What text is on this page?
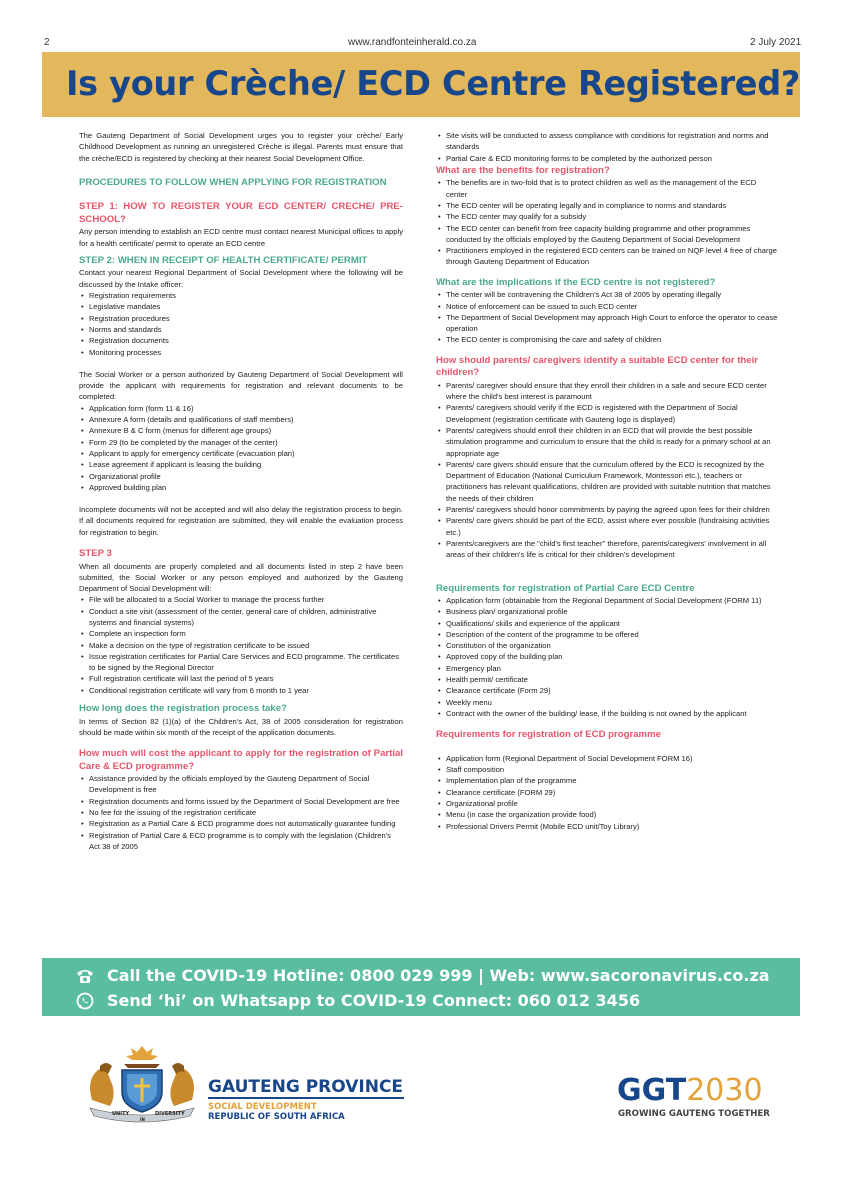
2	www.randfonteinherald.co.za	2 July 2021
Is your Crèche/ ECD Centre Registered?
The Gauteng Department of Social Development urges you to register your crèche/ Early Childhood Development as running an unregistered Crèche is illegal. Parents must ensure that the crèche/ECD is registered by checking at their nearest Social Development Office.
PROCEDURES TO FOLLOW WHEN APPLYING FOR REGISTRATION
STEP 1: HOW TO REGISTER YOUR ECD CENTER/ CRECHE/ PRE-SCHOOL?
Any person intending to establish an ECD centre must contact nearest Municipal offices to apply for a health certificate/ permit to operate an ECD centre
STEP 2: WHEN IN RECEIPT OF HEALTH CERTIFICATE/ PERMIT
Contact your nearest Regional Department of Social Development where the following will be discussed by the Intake officer:
• Registration requirements
• Legislative mandates
• Registration procedures
• Norms and standards
• Registration documents
• Monitoring processes
The Social Worker or a person authorized by Gauteng Department of Social Development will provide the applicant with requirements for registration and relevant documents to be completed:
• Application form (form 11 & 16)
• Annexure A form (details and qualifications of staff members)
• Annexure B & C form (menus for different age groups)
• Form 29 (to be completed by the manager of the center)
• Applicant to apply for emergency certificate (evacuation plan)
• Lease agreement if applicant is leasing the building
• Organizational profile
• Approved building plan
Incomplete documents will not be accepted and will also delay the registration process to begin. If all documents required for registration are submitted, they will enable the evaluation process for registration to begin.
STEP 3
When all documents are properly completed and all documents listed in step 2 have been submitted, the Social Worker or any person employed and authorized by the Gauteng Department of Social Development will:
• File will be allocated to a Social Worker to manage the process further
• Conduct a site visit (assessment of the center, general care of children, administrative systems and financial systems)
• Complete an inspection form
• Make a decision on the type of registration certificate to be issued
• Issue registration certificates for Partial Care Services and ECD programme. The certificates to be signed by the Regional Director
• Full registration certificate will last the period of 5 years
• Conditional registration certificate will vary from 6 month to 1 year
How long does the registration process take?
In terms of Section 82 (1)(a) of the Children's Act, 38 of 2005 consideration for registration should be made within six month of the receipt of the application documents.
How much will cost the applicant to apply for the registration of Partial Care & ECD programme?
• Assistance provided by the officials employed by the Gauteng Department of Social Development is free
• Registration documents and forms issued by the Department of Social Development are free
• No fee for the issuing of the registration certificate
• Registration as a Partial Care & ECD programme does not automatically guarantee funding
• Registration of Partial Care & ECD programme is to comply with the legislation (Children's Act 38 of 2005
• Site visits will be conducted to assess compliance with conditions for registration and norms and standards
• Partial Care & ECD monitoring forms to be completed by the authorized person
What are the benefits for registration?
• The benefits are in two-fold that is to protect children as well as the management of the ECD center
• The ECD center will be operating legally and in compliance to norms and standards
• The ECD center may qualify for a subsidy
• The ECD center can benefit from free capacity building programme and other programmes conducted by the officials employed by the Gauteng Department of Social Development
• Practitioners employed in the registered ECD centers can be trained on NQF level 4 free of charge through Gauteng Department of Education
What are the implications if the ECD centre is not registered?
• The center will be contravening the Children's Act 38 of 2005 by operating illegally
• Notice of enforcement can be issued to such ECD center
• The Department of Social Development may approach High Court to enforce the operator to cease operation
• The ECD center is compromising the care and safety of children
How should parents/ caregivers identify a suitable ECD center for their children?
• Parents/ caregiver should ensure that they enroll their children in a safe and secure ECD center where the child's best interest is paramount
• Parents/ caregivers should verify if the ECD is registered with the Department of Social Development (registration certificate with Gauteng logo is displayed)
• Parents/ caregivers should enroll their children in an ECD that will provide the best possible stimulation programme and curriculum to ensure that the child is ready for a primary school at an appropriate age
• Parents/ care givers should ensure that the curriculum offered by the ECD is recognized by the Department of Education (National Curriculum Framework, Montessori etc.), teachers or practitioners has relevant qualifications, children are provided with suitable nutrition that matches the needs of their children
• Parents/ caregivers should honor commitments by paying the agreed upon fees for their children
• Parents/ care givers should be part of the ECD, assist where ever possible (fundraising activities etc.)
• Parents/caregivers are the "child's first teacher" therefore, parents/caregivers' involvement in all areas of their children's life is critical for their children's development
Requirements for registration of Partial Care ECD Centre
• Application form (obtainable from the Regional Department of Social Development (FORM 11)
• Business plan/ organizational profile
• Qualifications/ skills and experience of the applicant
• Description of the content of the programme to be offered
• Constitution of the organization
• Approved copy of the building plan
• Emergency plan
• Health permit/ certificate
• Clearance certificate (Form 29)
• Weekly menu
• Contract with the owner of the building/ lease, if the building is not owned by the applicant
Requirements for registration of ECD programme
• Application form (Regional Department of Social Development FORM 16)
• Staff composition
• Implementation plan of the programme
• Clearance certificate (FORM 29)
• Organizational profile
• Menu (in case the organization provide food)
• Professional Drivers Permit (Mobile ECD unit/Toy Library)
Call the COVID-19 Hotline: 0800 029 999 | Web: www.sacoronavirus.co.za
Send ‘hi’ on Whatsapp to COVID-19 Connect: 060 012 3456
UNITY
IN
DIVERSITY
GAUTENG PROVINCE
SOCIAL DEVELOPMENT
REPUBLIC OF SOUTH AFRICA
GGT2030
GROWING GAUTENG TOGETHER
